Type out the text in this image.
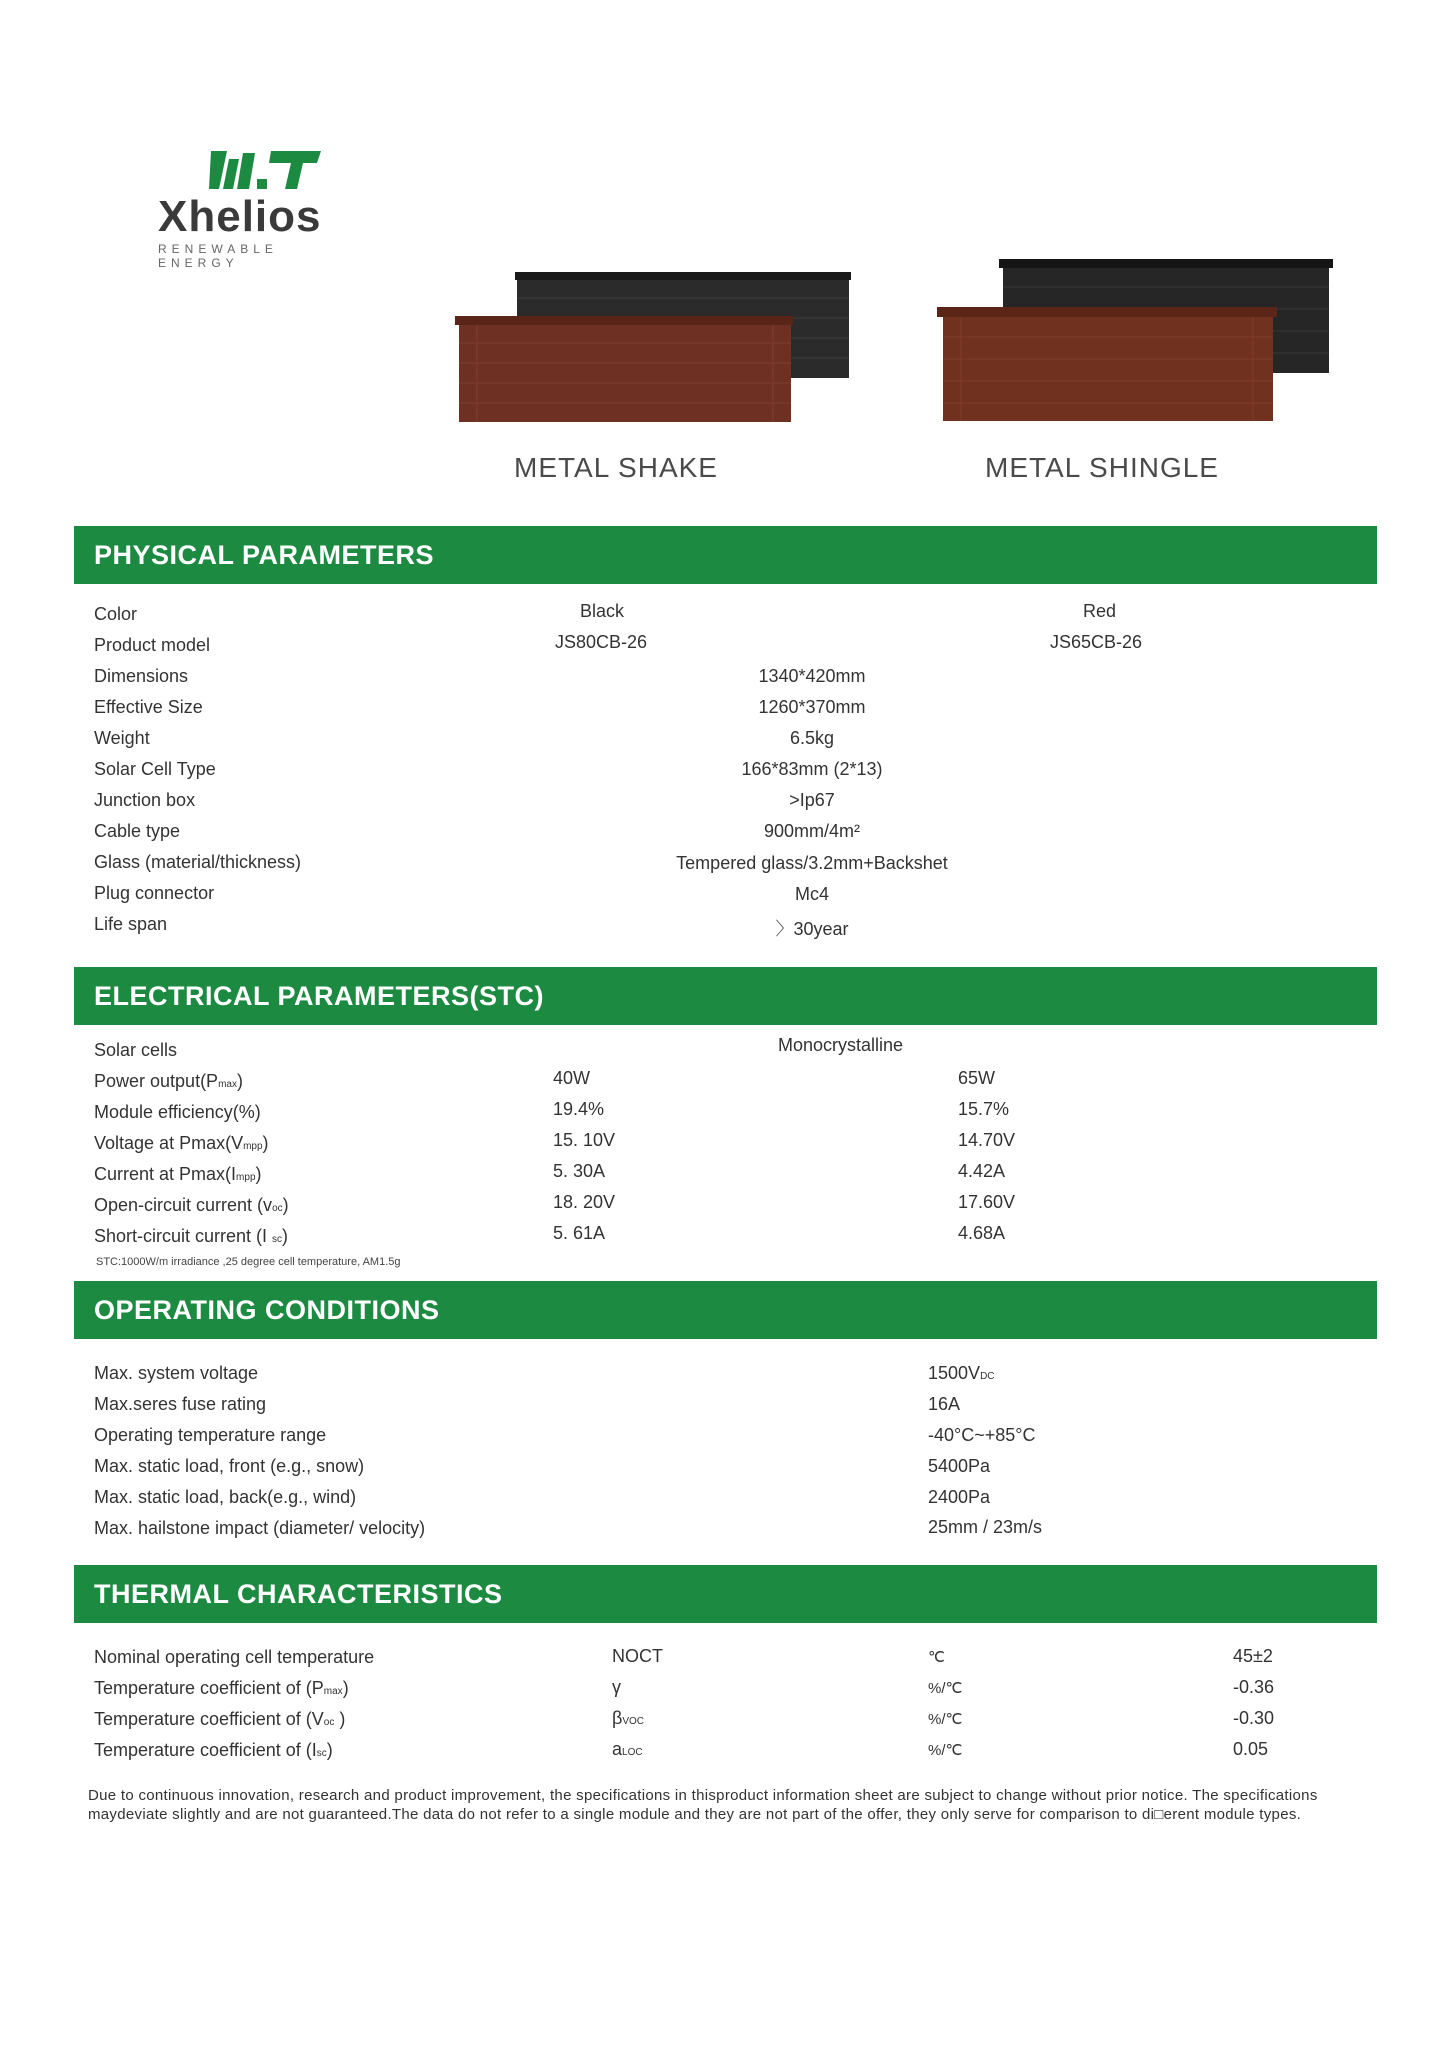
Xhelios
RENEWABLE ENERGY
METAL SHAKE	METAL SHINGLE
PHYSICAL PARAMETERS
Color	Black	Red
Product model	JS80CB-26	JS65CB-26
Dimensions	1340*420mm
Effective Size	1260*370mm
Weight	6.5kg
Solar Cell Type	166*83mm (2*13)
Junction box	>Ip67
Cable type	900mm/4m²
Glass (material/thickness)	Tempered glass/3.2mm+Backshet
Plug connector	Mc4
Life span	〉30year
ELECTRICAL PARAMETERS(STC)
Solar cells	Monocrystalline
Power output(Pmax)	40W	65W
Module efficiency(%)	19.4%	15.7%
Voltage at Pmax(Vmpp)	15. 10V	14.70V
Current at Pmax(Impp)	5. 30A	4.42A
Open-circuit current (voc)	18. 20V	17.60V
Short-circuit current (I sc)	5. 61A	4.68A
STC:1000W/m irradiance ,25 degree cell temperature, AM1.5g
OPERATING CONDITIONS
Max. system voltage	1500VDC
Max.seres fuse rating	16A
Operating temperature range	-40°C~+85°C
Max. static load, front (e.g., snow)	5400Pa
Max. static load, back(e.g., wind)	2400Pa
Max. hailstone impact (diameter/ velocity)	25mm / 23m/s
THERMAL CHARACTERISTICS
Nominal operating cell temperature	NOCT	℃	45±2
Temperature coefficient of (Pmax)	γ	%/℃	-0.36
Temperature coefficient of (Voc )	βVOC	%/℃	-0.30
Temperature coefficient of (Isc)	aLOC	%/℃	0.05
Due to continuous innovation, research and product improvement, the specifications in thisproduct information sheet are subject to change without prior notice. The specifications maydeviate slightly and are not guaranteed.The data do not refer to a single module and they are not part of the offer, they only serve for comparison to di□erent module types.
